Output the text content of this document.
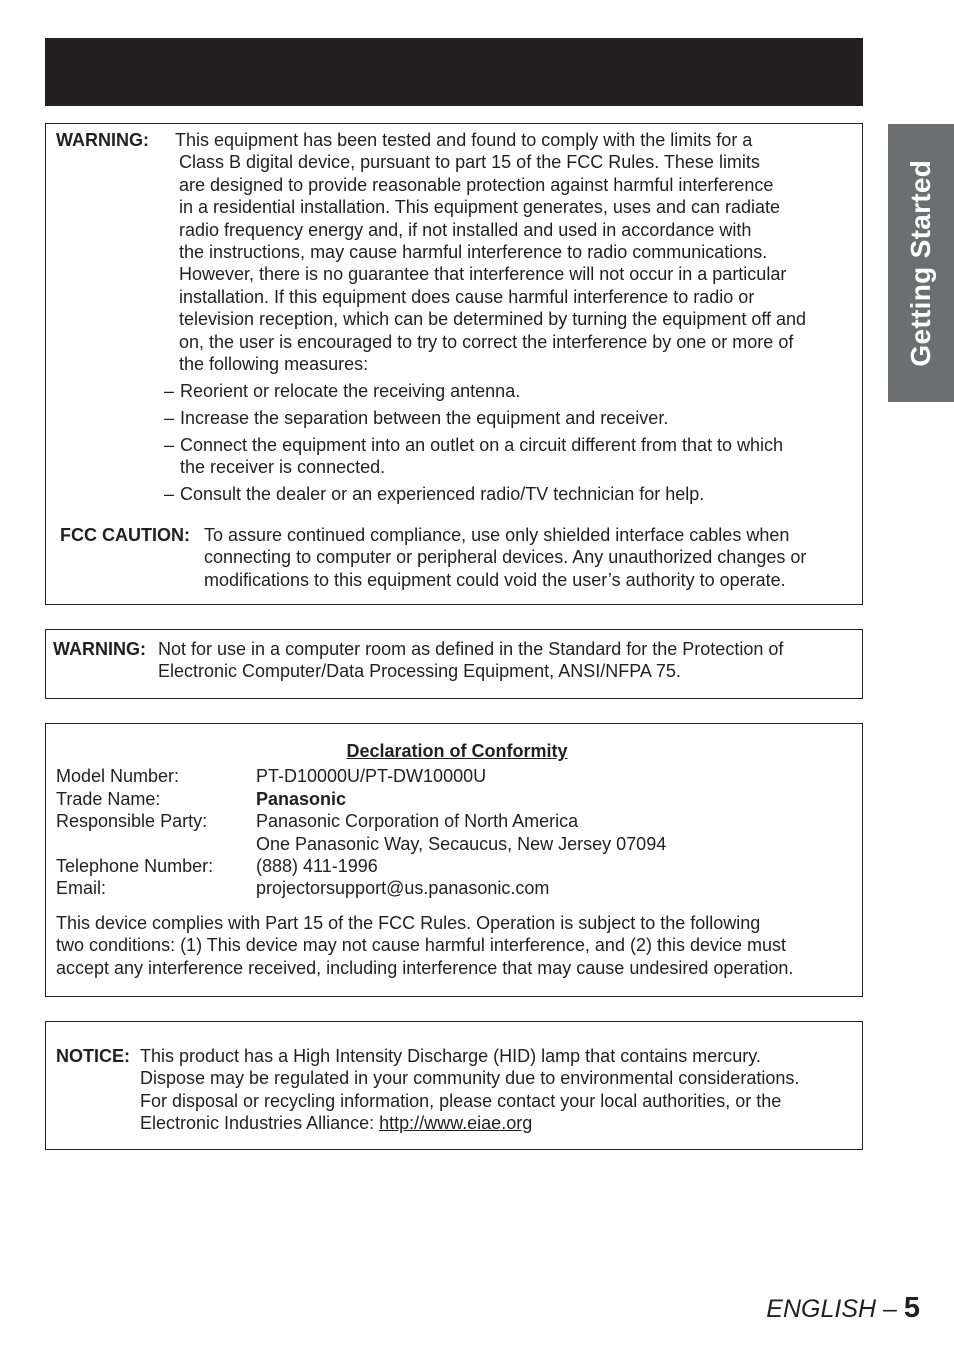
Getting Started
WARNING: This equipment has been tested and found to comply with the limits for a
Class B digital device, pursuant to part 15 of the FCC Rules. These limits
are designed to provide reasonable protection against harmful interference
in a residential installation. This equipment generates, uses and can radiate
radio frequency energy and, if not installed and used in accordance with
the instructions, may cause harmful interference to radio communications.
However, there is no guarantee that interference will not occur in a particular
installation. If this equipment does cause harmful interference to radio or
television reception, which can be determined by turning the equipment off and
on, the user is encouraged to try to correct the interference by one or more of
the following measures:
– Reorient or relocate the receiving antenna.
– Increase the separation between the equipment and receiver.
– Connect the equipment into an outlet on a circuit different from that to which
the receiver is connected.
– Consult the dealer or an experienced radio/TV technician for help.
FCC CAUTION: To assure continued compliance, use only shielded interface cables when
connecting to computer or peripheral devices. Any unauthorized changes or
modifications to this equipment could void the user’s authority to operate.
WARNING: Not for use in a computer room as defined in the Standard for the Protection of
Electronic Computer/Data Processing Equipment, ANSI/NFPA 75.
Declaration of Conformity
Model Number:	PT-D10000U/PT-DW10000U
Trade Name:	Panasonic
Responsible Party:	Panasonic Corporation of North America
One Panasonic Way, Secaucus, New Jersey 07094
Telephone Number:	(888) 411-1996
Email:	projectorsupport@us.panasonic.com
This device complies with Part 15 of the FCC Rules. Operation is subject to the following
two conditions: (1) This device may not cause harmful interference, and (2) this device must
accept any interference received, including interference that may cause undesired operation.
NOTICE: This product has a High Intensity Discharge (HID) lamp that contains mercury.
Dispose may be regulated in your community due to environmental considerations.
For disposal or recycling information, please contact your local authorities, or the
Electronic Industries Alliance: http://www.eiae.org
ENGLISH – 5
